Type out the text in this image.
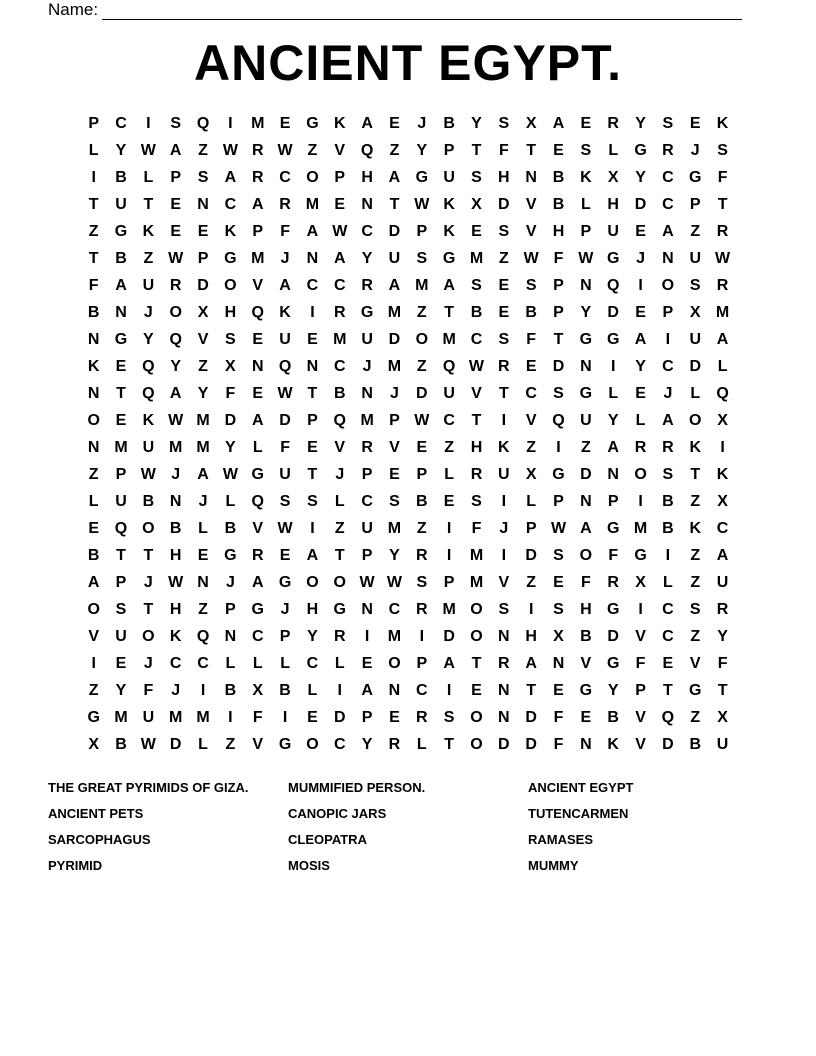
Name:
ANCIENT EGYPT.
P	C	I	S Q	I	M E G K A	E	J	B	Y	S	X	A	E	R	Y	S	E	K
L	Y W A	Z W R W Z	V Q	Z	Y	P	T	F	T	E	S	L	G R	J	S
I	B	L	P	S	A R C O P	H A G U	S	H N B K	X	Y	C G	F
T	U	T	E	N C A R M E	N	T W K	X	D	V	B	L	H D C	P	T
Z	G K	E	E	K	P	F	A W C D	P	K	E	S	V	H	P	U	E	A	Z	R
T	B	Z W P G M	J	N A	Y	U	S G M Z W F W G	J	N U W
F	A U R D O V	A C C R A M A	S	E	S	P	N Q	I	O S	R
B N	J	O X	H Q K	I	R G M Z	T	B	E	B	P	Y	D	E	P	X M
N G Y Q V	S	E	U	E M U D O M C	S	F	T	G G A	I	U A
K	E Q Y	Z	X	N Q N C	J	M Z	Q W R	E	D N	I	Y	C D	L
N	T	Q A	Y	F	E W T	B N	J	D U	V	T	C	S G	L	E	J	L	Q
O E	K W M D A D	P Q M P W C	T	I	V Q U	Y	L	A O X
N M U M M Y	L	F	E	V	R	V	E	Z	H K	Z	I	Z	A R R K	I
Z	P W J	A W G U	T	J	P	E	P	L	R U	X G D N O S	T	K
L	U B N	J	L	Q S	S	L	C	S	B	E	S	I	L	P	N	P	I	B	Z	X
E Q O B	L	B	V W	I	Z	U M Z	I	F	J	P W A G M B K C
B	T	T	H	E G R	E	A	T	P	Y	R	I	M	I	D	S O	F	G	I	Z	A
A	P	J W N	J	A G O O W W S	P M V	Z	E	F	R	X	L	Z	U
O S	T	H	Z	P G	J	H G N C R M O S	I	S	H G	I	C	S	R
V	U O K Q N C	P	Y	R	I	M	I	D O N H	X	B D	V	C	Z	Y
I	E	J	C C	L	L	L	C	L	E O P	A	T	R A N	V G	F	E	V	F
Z	Y	F	J	I	B	X	B	L	I	A N C	I	E	N	T	E G Y	P	T	G	T
G M U M M	I	F	I	E	D	P	E	R	S O N D	F	E	B	V Q	Z	X
X	B W D	L	Z	V G O C	Y	R	L	T	O D D	F	N K	V	D B U
THE GREAT PYRIMIDS OF GIZA.	MUMMIFIED PERSON.	ANCIENT EGYPT
ANCIENT PETS	CANOPIC JARS	TUTENCARMEN
SARCOPHAGUS	CLEOPATRA	RAMASES
PYRIMID	MOSIS	MUMMY
